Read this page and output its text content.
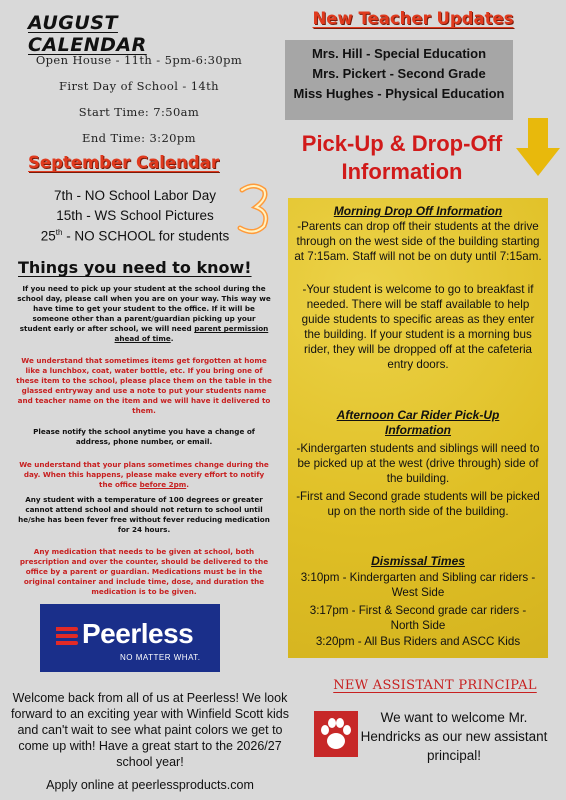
AUGUST CALENDAR
Open House - 11th - 5pm-6:30pm
First Day of School - 14th
Start Time: 7:50am
End Time: 3:20pm
September Calendar
7th - NO School Labor Day
15th - WS School Pictures
25th - NO SCHOOL for students
Things you need to know!
If you need to pick up your student at the school during the school day, please call when you are on your way. This way we have time to get your student to the office. If it will be someone other than a parent/guardian picking up your student early or after school, we will need parent permission ahead of time.
We understand that sometimes items get forgotten at home like a lunchbox, coat, water bottle, etc. If you bring one of these item to the school, please place them on the table in the glassed entryway and use a note to put your students name and teacher name on the item and we will have it delivered to them.
Please notify the school anytime you have a change of address, phone number, or email.
We understand that your plans sometimes change during the day. When this happens, please make every effort to notify the office before 2pm.
Any student with a temperature of 100 degrees or greater cannot attend school and should not return to school until he/she has been fever free without fever reducing medication for 24 hours.
Any medication that needs to be given at school, both prescription and over the counter, should be delivered to the office by a parent or guardian. Medications must be in the original container and include time, dose, and duration the medication is to be given.
Peerless
NO MATTER WHAT.
Welcome back from all of us at Peerless! We look forward to an exciting year with Winfield Scott kids and can't wait to see what paint colors we get to come up with! Have a great start to the 2026/27 school year!
Apply online at peerlessproducts.com
New Teacher Updates
Mrs. Hill - Special Education
Mrs. Pickert - Second Grade
Miss Hughes - Physical Education
Pick-Up & Drop-Off Information
Morning Drop Off Information
-Parents can drop off their students at the drive through on the west side of the building starting at 7:15am. Staff will not be on duty until 7:15am.
-Your student is welcome to go to breakfast if needed. There will be staff available to help guide students to specific areas as they enter the building. If your student is a morning bus rider, they will be dropped off at the cafeteria entry doors.
Afternoon Car Rider Pick-Up Information
-Kindergarten students and siblings will need to be picked up at the west (drive through) side of the building.
-First and Second grade students will be picked up on the north side of the building.
Dismissal Times
3:10pm - Kindergarten and Sibling car riders - West Side
3:17pm - First & Second grade car riders - North Side
3:20pm - All Bus Riders and ASCC Kids
NEW ASSISTANT PRINCIPAL
We want to welcome Mr. Hendricks as our new assistant principal!
